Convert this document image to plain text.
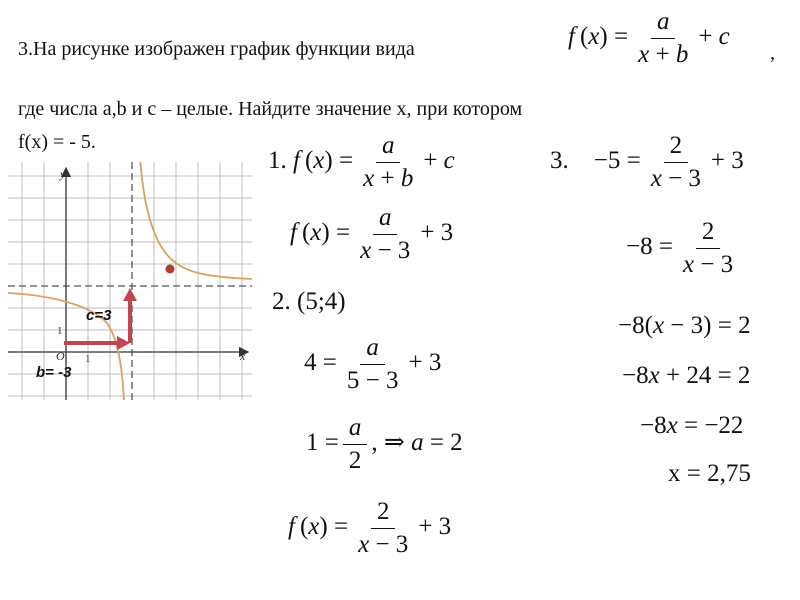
3.На рисунке изображен график функции вида	f $(x) = \frac{a}{x + b} + c$
,
где числа a,b и c – целые. Найдите значение x, при котором
f(x) = - 5.
x
y
O
1
1
c=3
b= -3
1. f $(x) = \frac{a}{x + b} + c$
f $(x) = \frac{a}{x - 3} + 3$
2. (5;4)
$4 = \frac{a}{5 - 3} + 3$
$1 = \frac{a}{2}$ , ⇒ a = 2
f $(x) = \frac{2}{x - 3} + 3$
3.    $-5 = \frac{2}{x - 3} + 3$
$-8 = \frac{2}{x - 3}$
−8(x − 3) = 2
−8x + 24 = 2
−8x = −22
x = 2,75
